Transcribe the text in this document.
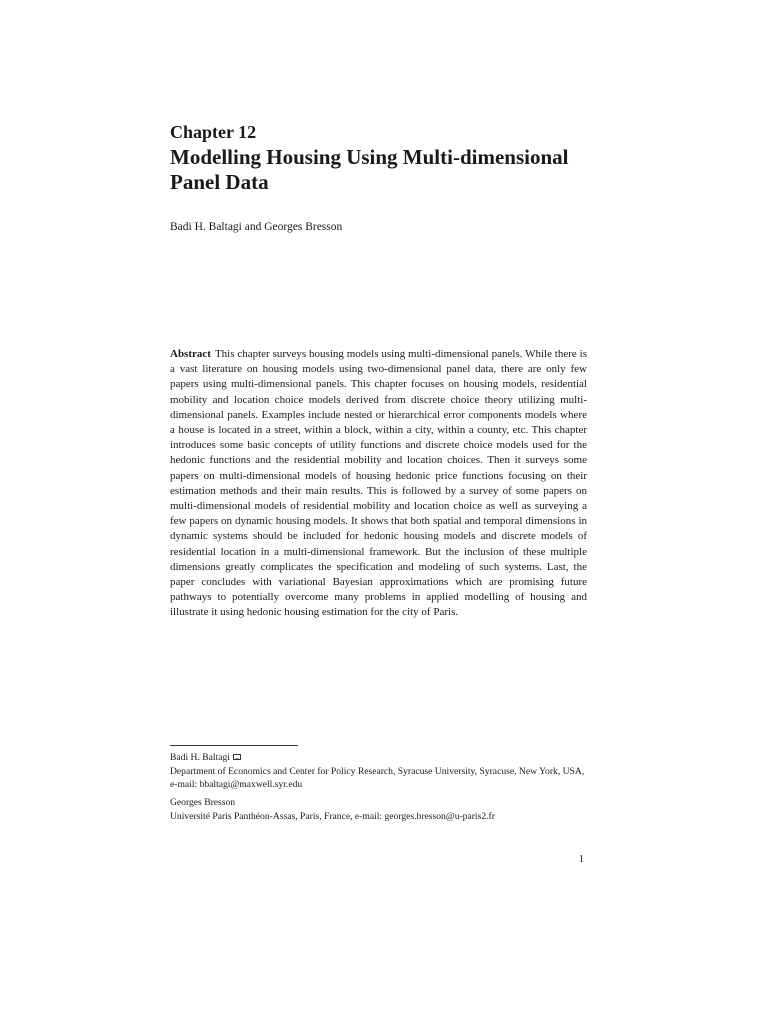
Chapter 12
Modelling Housing Using Multi-dimensional
Panel Data
Badi H. Baltagi and Georges Bresson
Abstract This chapter surveys housing models using multi-dimensional panels. While there is a vast literature on housing models using two-dimensional panel data, there are only few papers using multi-dimensional panels. This chapter focuses on housing models, residential mobility and location choice models derived from discrete choice theory utilizing multi-dimensional panels. Examples include nested or hierarchical error components models where a house is located in a street, within a block, within a city, within a county, etc. This chapter introduces some basic concepts of utility functions and discrete choice models used for the hedonic functions and the residential mobility and location choices. Then it surveys some papers on multi-dimensional models of housing hedonic price functions focusing on their estimation methods and their main results. This is followed by a survey of some papers on multi-dimensional models of residential mobility and location choice as well as surveying a few papers on dynamic housing models. It shows that both spatial and temporal dimensions in dynamic systems should be included for hedonic housing models and discrete models of residential location in a multi-dimensional framework. But the inclusion of these multiple dimensions greatly complicates the specification and modeling of such systems. Last, the paper concludes with variational Bayesian approximations which are promising future pathways to potentially overcome many problems in applied modelling of housing and illustrate it using hedonic housing estimation for the city of Paris.
Badi H. Baltagi
Department of Economics and Center for Policy Research, Syracuse University, Syracuse, New York, USA, e-mail: bbaltagi@maxwell.syr.edu
Georges Bresson
Université Paris Panthéon-Assas, Paris, France, e-mail: georges.bresson@u-paris2.fr
1
